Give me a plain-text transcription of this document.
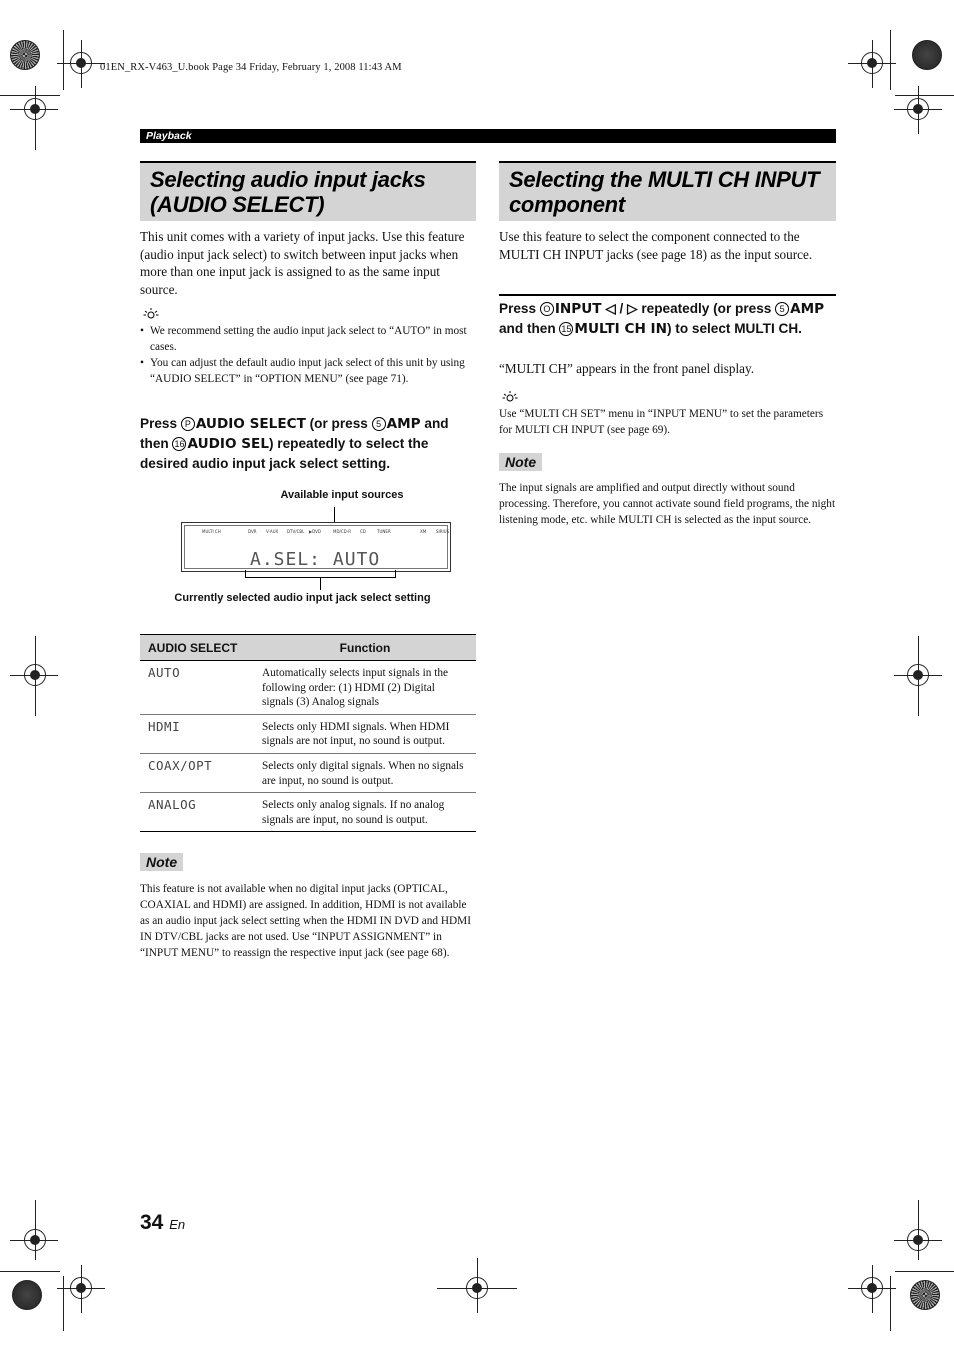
01EN_RX-V463_U.book Page 34 Friday, February 1, 2008 11:43 AM
Playback
Selecting audio input jacks
(AUDIO SELECT)

This unit comes with a variety of input jacks. Use this feature (audio input jack select) to switch between input jacks when more than one input jack is assigned to as the same input source.

• We recommend setting the audio input jack select to “AUTO” in most cases.
• You can adjust the default audio input jack select of this unit by using “AUDIO SELECT” in “OPTION MENU” (see page 71).
Press P AUDIO SELECT (or press 5 AMP and then 16 AUDIO SEL) repeatedly to select the desired audio input jack select setting.
Available input sources
MULTI CH	DVR V-AUX DTV/CBL ▶DVD	MD/CD-R CD	TUNER	XM SIRIUS
A.SEL: AUTO
Currently selected audio input jack select setting
AUDIO SELECT	Function
AUTO	Automatically selects input signals in the following order: (1) HDMI (2) Digital signals (3) Analog signals
HDMI	Selects only HDMI signals. When HDMI signals are not input, no sound is output.
COAX/OPT	Selects only digital signals. When no signals are input, no sound is output.
ANALOG	Selects only analog signals. If no analog signals are input, no sound is output.
Note

This feature is not available when no digital input jacks (OPTICAL, COAXIAL and HDMI) are assigned. In addition, HDMI is not available as an audio input jack select setting when the HDMI IN DVD and HDMI IN DTV/CBL jacks are not used. Use “INPUT ASSIGNMENT” in “INPUT MENU” to reassign the respective input jack (see page 68).

Selecting the MULTI CH INPUT
component

Use this feature to select the component connected to the MULTI CH INPUT jacks (see page 18) as the input source.

Press O INPUT ◁ / ▷ repeatedly (or press 5 AMP and then 15 MULTI CH IN) to select MULTI CH.

“MULTI CH” appears in the front panel display.

Use “MULTI CH SET” menu in “INPUT MENU” to set the parameters for MULTI CH INPUT (see page 69).

Note

The input signals are amplified and output directly without sound processing. Therefore, you cannot activate sound field programs, the night listening mode, etc. while MULTI CH is selected as the input source.

34 En
